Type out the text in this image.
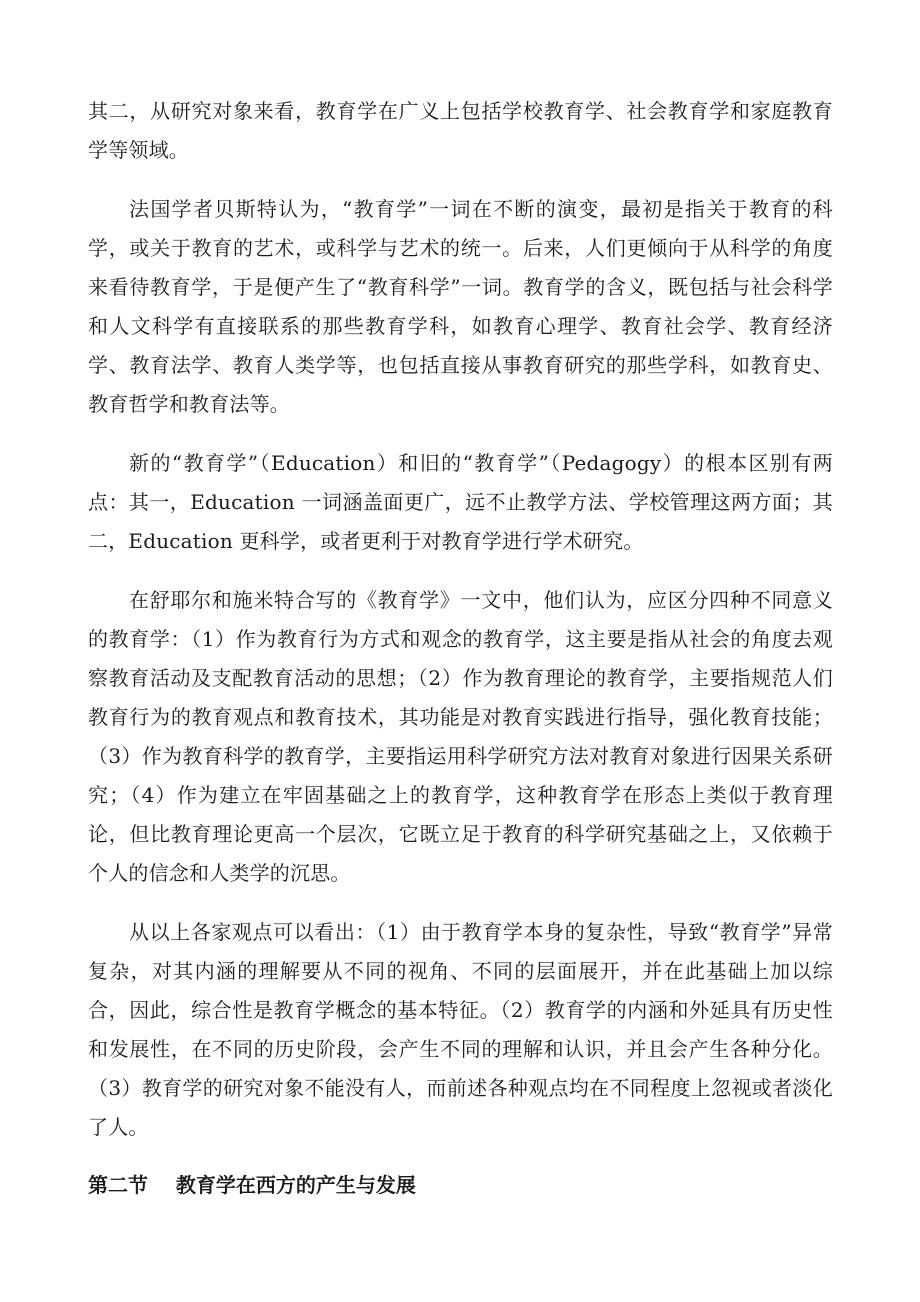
其二，从研究对象来看，教育学在广义上包括学校教育学、社会教育学和家庭教育学等领域。

法国学者贝斯特认为，“教育学”一词在不断的演变，最初是指关于教育的科学，或关于教育的艺术，或科学与艺术的统一。后来，人们更倾向于从科学的角度来看待教育学，于是便产生了“教育科学”一词。教育学的含义，既包括与社会科学和人文科学有直接联系的那些教育学科，如教育心理学、教育社会学、教育经济学、教育法学、教育人类学等，也包括直接从事教育研究的那些学科，如教育史、教育哲学和教育法等。

新的“教育学”（Education）和旧的“教育学”（Pedagogy）的根本区别有两点：其一，Education 一词涵盖面更广，远不止教学方法、学校管理这两方面；其二，Education 更科学，或者更利于对教育学进行学术研究。

在舒耶尔和施米特合写的《教育学》一文中，他们认为，应区分四种不同意义的教育学：（1）作为教育行为方式和观念的教育学，这主要是指从社会的角度去观察教育活动及支配教育活动的思想；（2）作为教育理论的教育学，主要指规范人们教育行为的教育观点和教育技术，其功能是对教育实践进行指导，强化教育技能；（3）作为教育科学的教育学，主要指运用科学研究方法对教育对象进行因果关系研究；（4）作为建立在牢固基础之上的教育学，这种教育学在形态上类似于教育理论，但比教育理论更高一个层次，它既立足于教育的科学研究基础之上，又依赖于个人的信念和人类学的沉思。

从以上各家观点可以看出：（1）由于教育学本身的复杂性，导致“教育学”异常复杂，对其内涵的理解要从不同的视角、不同的层面展开，并在此基础上加以综合，因此，综合性是教育学概念的基本特征。（2）教育学的内涵和外延具有历史性和发展性，在不同的历史阶段，会产生不同的理解和认识，并且会产生各种分化。（3）教育学的研究对象不能没有人，而前述各种观点均在不同程度上忽视或者淡化了人。

第二节 教育学在西方的产生与发展
